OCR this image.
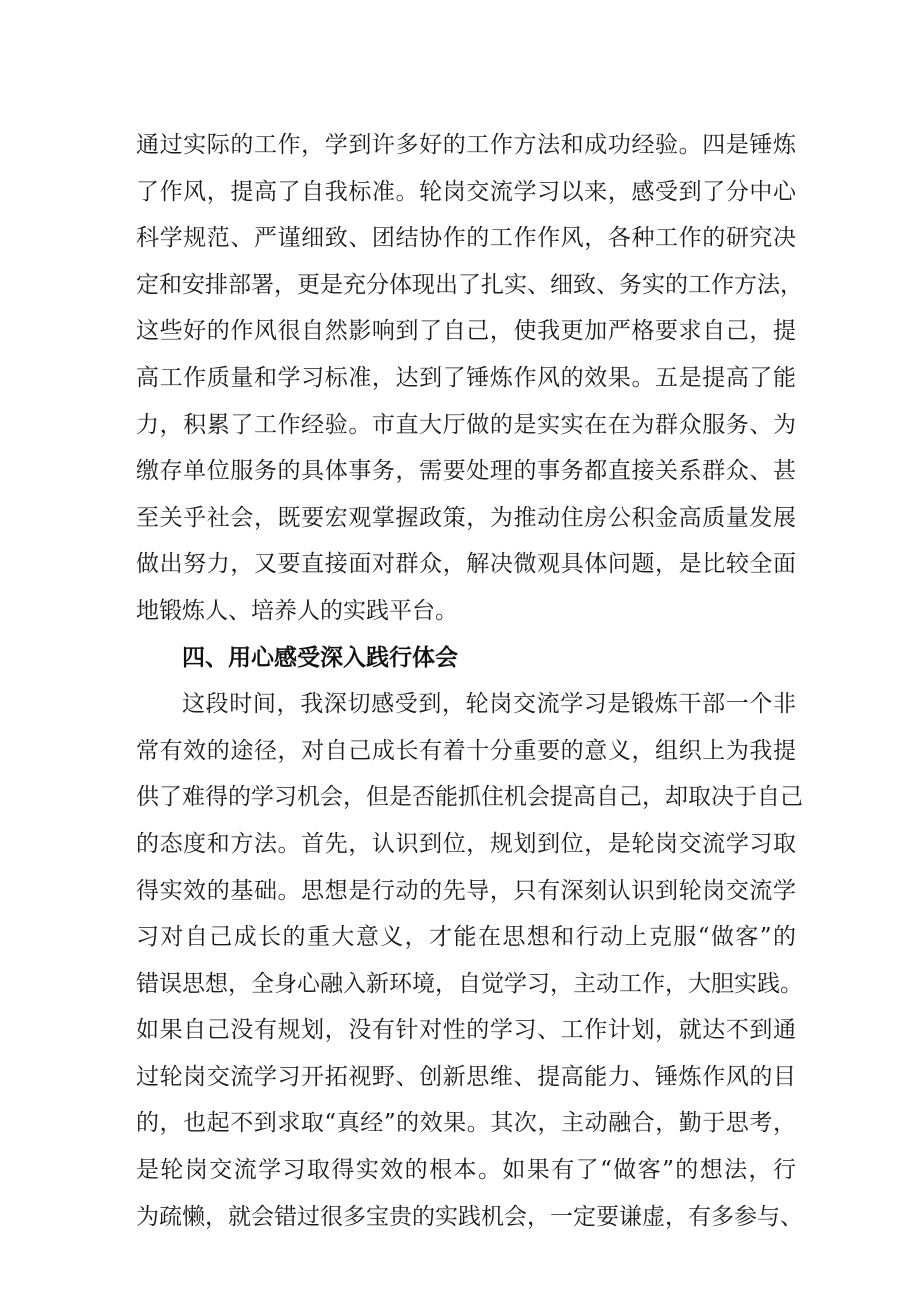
通过实际的工作，学到许多好的工作方法和成功经验。四是锤炼
了作风，提高了自我标准。轮岗交流学习以来，感受到了分中心
科学规范、严谨细致、团结协作的工作作风，各种工作的研究决
定和安排部署，更是充分体现出了扎实、细致、务实的工作方法，
这些好的作风很自然影响到了自己，使我更加严格要求自己，提
高工作质量和学习标准，达到了锤炼作风的效果。五是提高了能
力，积累了工作经验。市直大厅做的是实实在在为群众服务、为
缴存单位服务的具体事务，需要处理的事务都直接关系群众、甚
至关乎社会，既要宏观掌握政策，为推动住房公积金高质量发展
做出努力，又要直接面对群众，解决微观具体问题，是比较全面
地锻炼人、培养人的实践平台。
四、用心感受深入践行体会
这段时间，我深切感受到，轮岗交流学习是锻炼干部一个非
常有效的途径，对自己成长有着十分重要的意义，组织上为我提
供了难得的学习机会，但是否能抓住机会提高自己，却取决于自己
的态度和方法。首先，认识到位，规划到位，是轮岗交流学习取
得实效的基础。思想是行动的先导，只有深刻认识到轮岗交流学
习对自己成长的重大意义，才能在思想和行动上克服“做客”的
错误思想，全身心融入新环境，自觉学习，主动工作，大胆实践。
如果自己没有规划，没有针对性的学习、工作计划，就达不到通
过轮岗交流学习开拓视野、创新思维、提高能力、锤炼作风的目
的，也起不到求取“真经”的效果。其次，主动融合，勤于思考，
是轮岗交流学习取得实效的根本。如果有了“做客”的想法，行
为疏懒，就会错过很多宝贵的实践机会，一定要谦虚，有多参与、
